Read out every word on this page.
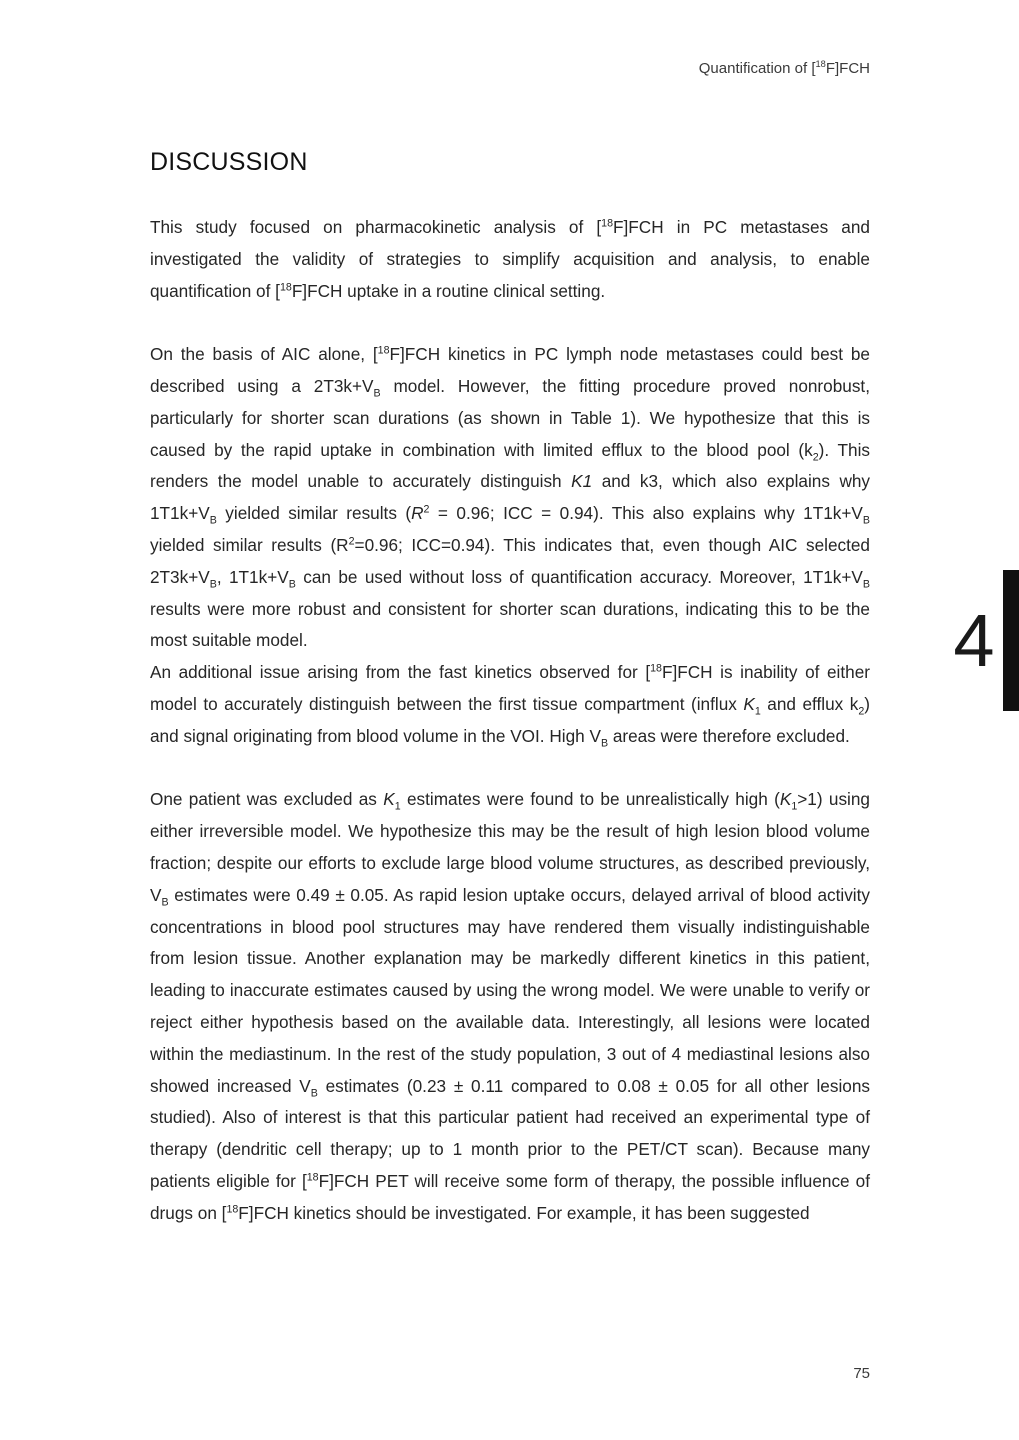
Quantification of [$^{18}$F]FCH
DISCUSSION

This study focused on pharmacokinetic analysis of [$^{18}$F]FCH in PC metastases and investigated the validity of strategies to simplify acquisition and analysis, to enable quantification of [$^{18}$F]FCH uptake in a routine clinical setting.

On the basis of AIC alone, [$^{18}$F]FCH kinetics in PC lymph node metastases could best be described using a $2T3k+V_B$ model. However, the fitting procedure proved nonrobust, particularly for shorter scan durations (as shown in Table 1). We hypothesize that this is caused by the rapid uptake in combination with limited efflux to the blood pool $(k_2)$. This renders the model unable to accurately distinguish K1 and k3, which also explains why $1T1k+V_B$ yielded similar results ($R^2 = 0.96$; ICC = 0.94). This also explains why $1T1k+V_B$ yielded similar results ($R^2=0.96$; ICC=0.94). This indicates that, even though AIC selected $2T3k+V_B$, $1T1k+V_B$ can be used without loss of quantification accuracy. Moreover, $1T1k+V_B$ results were more robust and consistent for shorter scan durations, indicating this to be the most suitable model.

An additional issue arising from the fast kinetics observed for [$^{18}$F]FCH is inability of either model to accurately distinguish between the first tissue compartment (influx $K_1$ and efflux $k_2$) and signal originating from blood volume in the VOI. High $V_B$ areas were therefore excluded.

One patient was excluded as $K_1$ estimates were found to be unrealistically high $(K_1>1)$ using either irreversible model. We hypothesize this may be the result of high lesion blood volume fraction; despite our efforts to exclude large blood volume structures, as described previously, $V_B$ estimates were 0.49 ± 0.05. As rapid lesion uptake occurs, delayed arrival of blood activity concentrations in blood pool structures may have rendered them visually indistinguishable from lesion tissue. Another explanation may be markedly different kinetics in this patient, leading to inaccurate estimates caused by using the wrong model. We were unable to verify or reject either hypothesis based on the available data. Interestingly, all lesions were located within the mediastinum. In the rest of the study population, 3 out of 4 mediastinal lesions also showed increased $V_B$ estimates (0.23 ± 0.11 compared to 0.08 ± 0.05 for all other lesions studied). Also of interest is that this particular patient had received an experimental type of therapy (dendritic cell therapy; up to 1 month prior to the PET/CT scan). Because many patients eligible for [$^{18}$F]FCH PET will receive some form of therapy, the possible influence of drugs on [$^{18}$F]FCH kinetics should be investigated. For example, it has been suggested

4
75
